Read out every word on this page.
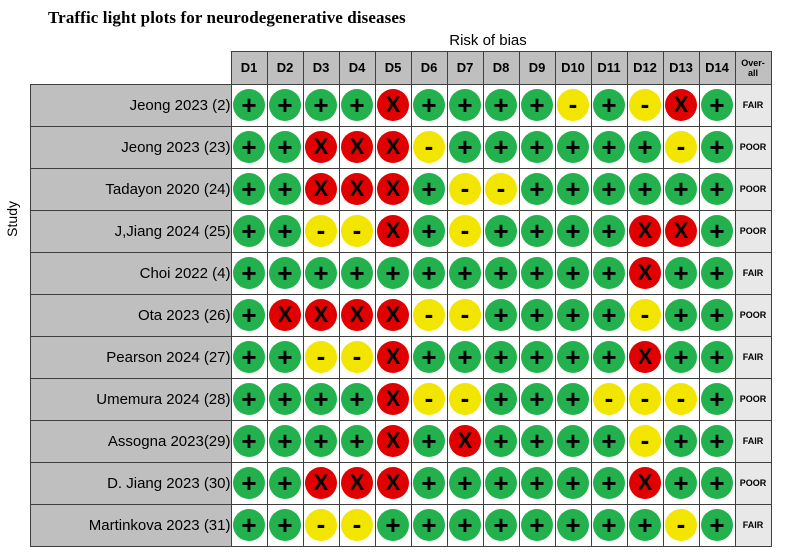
Traffic light plots for neurodegenerative diseases
Risk of bias
Study
	D1	D2	D3	D4	D5	D6	D7	D8	D9	D10	D11	D12	D13	D14	Over-
all
Jeong 2023 (2)	+	+	+	+	X	+	+	+	+	-	+	-	X	+	FAIR
Jeong 2023 (23)	+	+	X	X	X	-	+	+	+	+	+	+	-	+	POOR
Tadayon 2020 (24)	+	+	X	X	X	+	-	-	+	+	+	+	+	+	POOR
J,Jiang 2024 (25)	+	+	-	-	X	+	-	+	+	+	+	X	X	+	POOR
Choi 2022 (4)	+	+	+	+	+	+	+	+	+	+	+	X	+	+	FAIR
Ota 2023 (26)	+	X	X	X	X	-	-	+	+	+	+	-	+	+	POOR
Pearson 2024 (27)	+	+	-	-	X	+	+	+	+	+	+	X	+	+	FAIR
Umemura 2024 (28)	+	+	+	+	X	-	-	+	+	+	-	-	-	+	POOR
Assogna 2023(29)	+	+	+	+	X	+	X	+	+	+	+	-	+	+	FAIR
D. Jiang 2023 (30)	+	+	X	X	X	+	+	+	+	+	+	X	+	+	POOR
Martinkova 2023 (31)	+	+	-	-	+	+	+	+	+	+	+	+	-	+	FAIR
